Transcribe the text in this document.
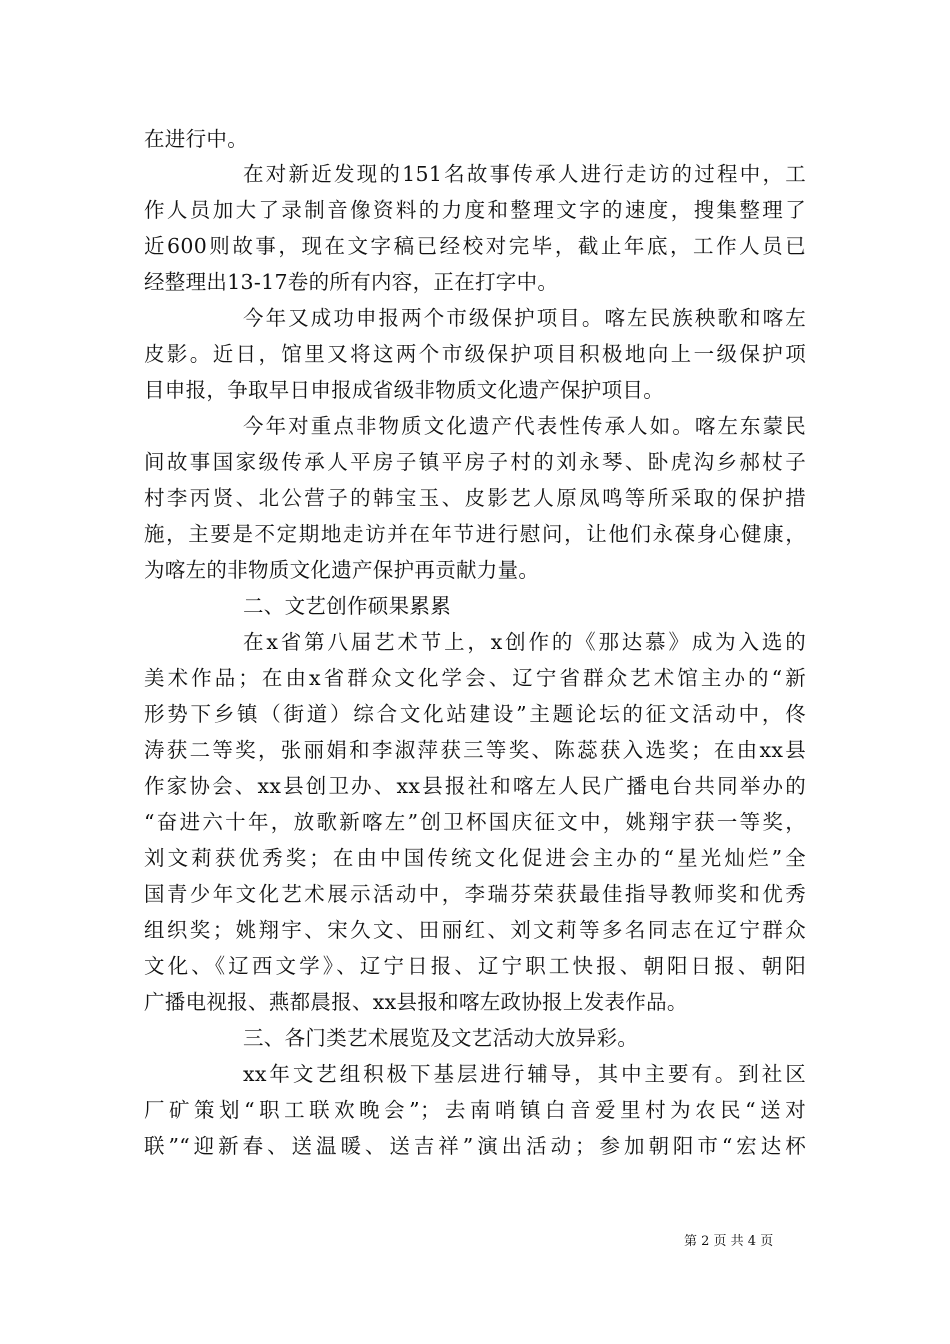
在进行中。
在对新近发现的151名故事传承人进行走访的过程中，工
作人员加大了录制音像资料的力度和整理文字的速度，搜集整理了
近600则故事，现在文字稿已经校对完毕，截止年底，工作人员已
经整理出13-17卷的所有内容，正在打字中。
今年又成功申报两个市级保护项目。喀左民族秧歌和喀左
皮影。近日，馆里又将这两个市级保护项目积极地向上一级保护项
目申报，争取早日申报成省级非物质文化遗产保护项目。
今年对重点非物质文化遗产代表性传承人如。喀左东蒙民
间故事国家级传承人平房子镇平房子村的刘永琴、卧虎沟乡郝杖子
村李丙贤、北公营子的韩宝玉、皮影艺人原凤鸣等所采取的保护措
施，主要是不定期地走访并在年节进行慰问，让他们永葆身心健康，
为喀左的非物质文化遗产保护再贡献力量。
二、文艺创作硕果累累
在x省第八届艺术节上，x创作的《那达慕》成为入选的
美术作品；在由x省群众文化学会、辽宁省群众艺术馆主办的“新
形势下乡镇（街道）综合文化站建设”主题论坛的征文活动中，佟
涛获二等奖，张丽娟和李淑萍获三等奖、陈蕊获入选奖；在由xx县
作家协会、xx县创卫办、xx县报社和喀左人民广播电台共同举办的
“奋进六十年，放歌新喀左”创卫杯国庆征文中，姚翔宇获一等奖，
刘文莉获优秀奖；在由中国传统文化促进会主办的“星光灿烂”全
国青少年文化艺术展示活动中，李瑞芬荣获最佳指导教师奖和优秀
组织奖；姚翔宇、宋久文、田丽红、刘文莉等多名同志在辽宁群众
文化、《辽西文学》、辽宁日报、辽宁职工快报、朝阳日报、朝阳
广播电视报、燕都晨报、xx县报和喀左政协报上发表作品。
三、各门类艺术展览及文艺活动大放异彩。
xx年文艺组积极下基层进行辅导，其中主要有。到社区
厂矿策划“职工联欢晚会”；去南哨镇白音爱里村为农民“送对
联”“迎新春、送温暖、送吉祥”演出活动；参加朝阳市“宏达杯
第 2 页 共 4 页
